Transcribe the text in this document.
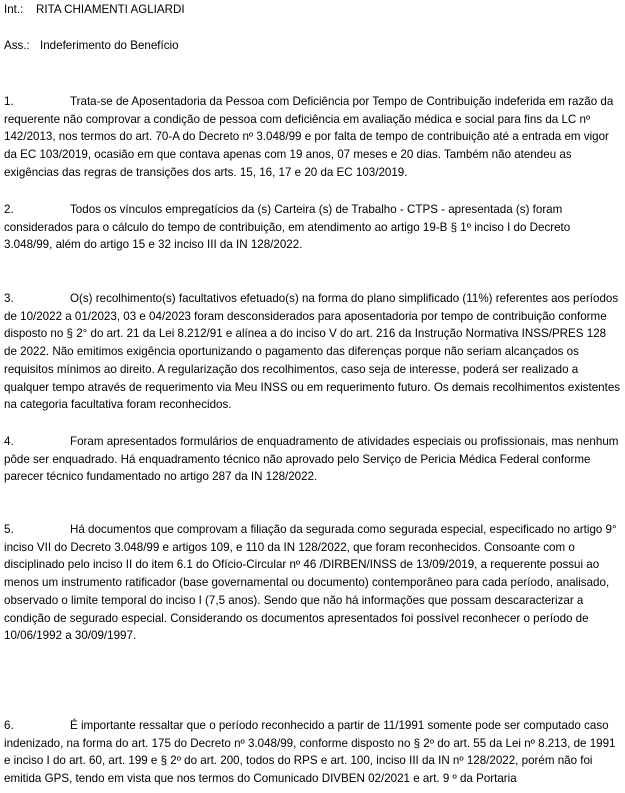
Int.: RITA CHIAMENTI AGLIARDI
Ass.: Indeferimento do Benefício

1.	Trata-se de Aposentadoria da Pessoa com Deficiência por Tempo de Contribuição indeferida em razão da requerente não comprovar a condição de pessoa com deficiência em avaliação médica e social para fins da LC nº 142/2013, nos termos do art. 70-A do Decreto nº 3.048/99 e por falta de tempo de contribuição até a entrada em vigor da EC 103/2019, ocasião em que contava apenas com 19 anos, 07 meses e 20 dias. Também não atendeu as exigências das regras de transições dos arts. 15, 16, 17 e 20 da EC 103/2019.

2.	Todos os vínculos empregatícios da (s) Carteira (s) de Trabalho - CTPS - apresentada (s) foram considerados para o cálculo do tempo de contribuição, em atendimento ao artigo 19-B § 1º inciso I do Decreto 3.048/99, além do artigo 15 e 32 inciso III da IN 128/2022.

3.	O(s) recolhimento(s) facultativos efetuado(s) na forma do plano simplificado (11%) referentes aos períodos de 10/2022 a 01/2023, 03 e 04/2023 foram desconsiderados para aposentadoria por tempo de contribuição conforme disposto no § 2° do art. 21 da Lei 8.212/91 e alínea a do inciso V do art. 216 da Instrução Normativa INSS/PRES 128 de 2022. Não emitimos exigência oportunizando o pagamento das diferenças porque não seriam alcançados os requisitos mínimos ao direito. A regularização dos recolhimentos, caso seja de interesse, poderá ser realizado a qualquer tempo através de requerimento via Meu INSS ou em requerimento futuro. Os demais recolhimentos existentes na categoria facultativa foram reconhecidos.

4.	Foram apresentados formulários de enquadramento de atividades especiais ou profissionais, mas nenhum pôde ser enquadrado. Há enquadramento técnico não aprovado pelo Serviço de Pericia Médica Federal conforme parecer técnico fundamentado no artigo 287 da IN 128/2022.

5.	Há documentos que comprovam a filiação da segurada como segurada especial, especificado no artigo 9° inciso VII do Decreto 3.048/99 e artigos 109, e 110 da IN 128/2022, que foram reconhecidos. Consoante com o disciplinado pelo inciso II do item 6.1 do Ofício-Circular nº 46 /DIRBEN/INSS de 13/09/2019, a requerente possui ao menos um instrumento ratificador (base governamental ou documento) contemporâneo para cada período, analisado, observado o limite temporal do inciso I (7,5 anos). Sendo que não há informações que possam descaracterizar a condição de segurado especial. Considerando os documentos apresentados foi possível reconhecer o período de 10/06/1992 a 30/09/1997.

6.	É importante ressaltar que o período reconhecido a partir de 11/1991 somente pode ser computado caso indenizado, na forma do art. 175 do Decreto nº 3.048/99, conforme disposto no § 2º do art. 55 da Lei nº 8.213, de 1991 e inciso I do art. 60, art. 199 e § 2º do art. 200, todos do RPS e art. 100, inciso III da IN nº 128/2022, porém não foi emitida GPS, tendo em vista que nos termos do Comunicado DIVBEN 02/2021 e art. 9 º da Portaria
